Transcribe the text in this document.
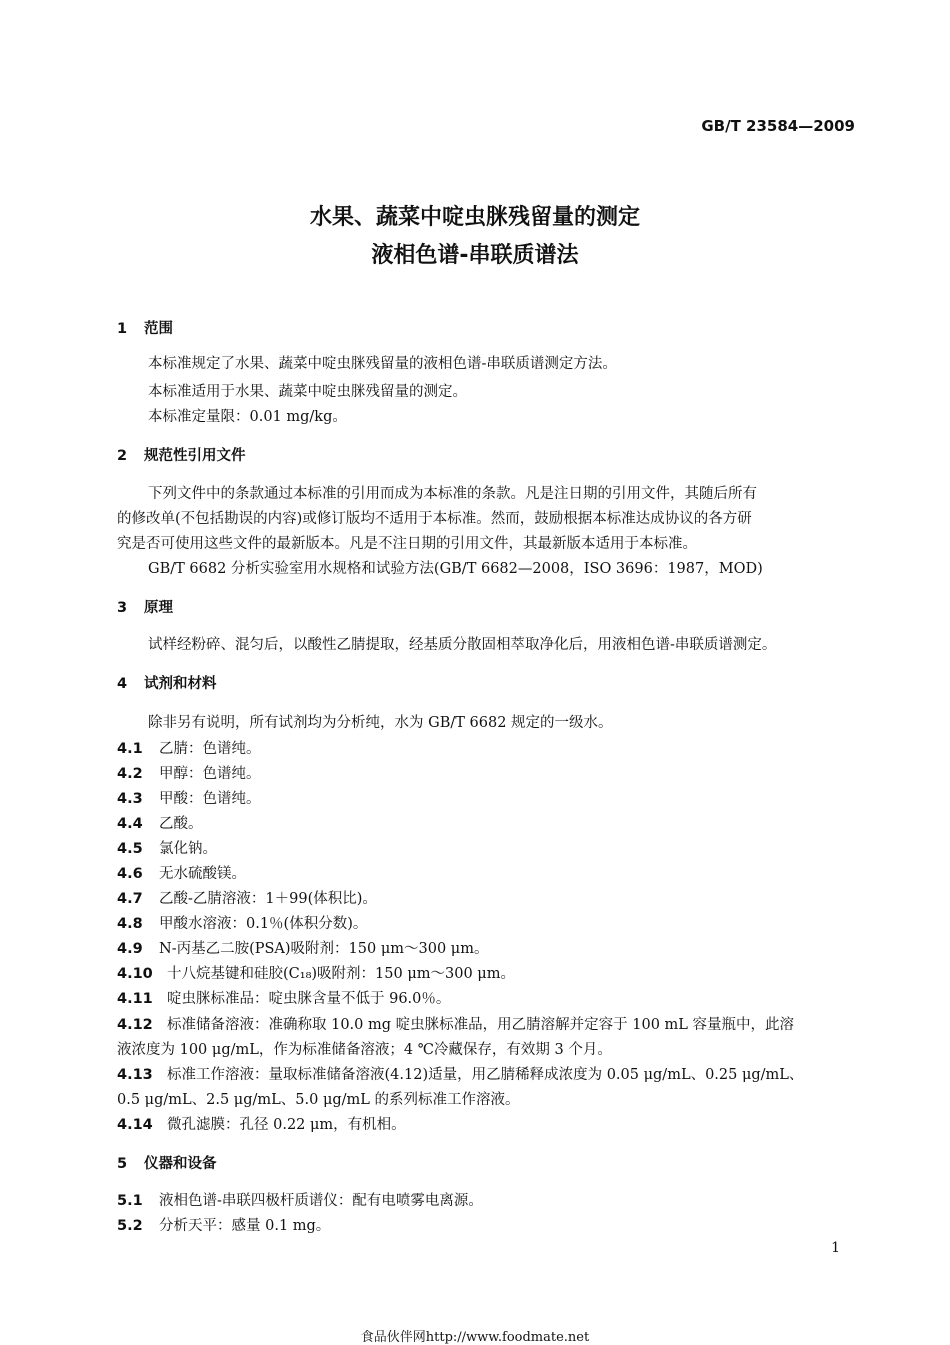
GB/T 23584—2009
水果、蔬菜中啶虫脒残留量的测定
液相色谱-串联质谱法
1 范围
本标准规定了水果、蔬菜中啶虫脒残留量的液相色谱-串联质谱测定方法。
本标准适用于水果、蔬菜中啶虫脒残留量的测定。
本标准定量限：0.01 mg/kg。
2 规范性引用文件
下列文件中的条款通过本标准的引用而成为本标准的条款。凡是注日期的引用文件，其随后所有
的修改单(不包括勘误的内容)或修订版均不适用于本标准。然而，鼓励根据本标准达成协议的各方研
究是否可使用这些文件的最新版本。凡是不注日期的引用文件，其最新版本适用于本标准。
GB/T 6682 分析实验室用水规格和试验方法(GB/T 6682—2008，ISO 3696：1987，MOD)
3 原理
试样经粉碎、混匀后，以酸性乙腈提取，经基质分散固相萃取净化后，用液相色谱-串联质谱测定。
4 试剂和材料
除非另有说明，所有试剂均为分析纯，水为 GB/T 6682 规定的一级水。
4.1 乙腈：色谱纯。
4.2 甲醇：色谱纯。
4.3 甲酸：色谱纯。
4.4 乙酸。
4.5 氯化钠。
4.6 无水硫酸镁。
4.7 乙酸-乙腈溶液：1＋99(体积比)。
4.8 甲酸水溶液：0.1％(体积分数)。
4.9 N-丙基乙二胺(PSA)吸附剂：150 μm～300 μm。
4.10 十八烷基键和硅胶(C₁₈)吸附剂：150 μm～300 μm。
4.11 啶虫脒标准品：啶虫脒含量不低于 96.0％。
4.12 标准储备溶液：准确称取 10.0 mg 啶虫脒标准品，用乙腈溶解并定容于 100 mL 容量瓶中，此溶
液浓度为 100 μg/mL，作为标准储备溶液；4 ℃冷藏保存，有效期 3 个月。
4.13 标准工作溶液：量取标准储备溶液(4.12)适量，用乙腈稀释成浓度为 0.05 μg/mL、0.25 μg/mL、
0.5 μg/mL、2.5 μg/mL、5.0 μg/mL 的系列标准工作溶液。
4.14 微孔滤膜：孔径 0.22 μm，有机相。
5 仪器和设备
5.1 液相色谱-串联四极杆质谱仪：配有电喷雾电离源。
5.2 分析天平：感量 0.1 mg。
1
食品伙伴网http://www.foodmate.net
